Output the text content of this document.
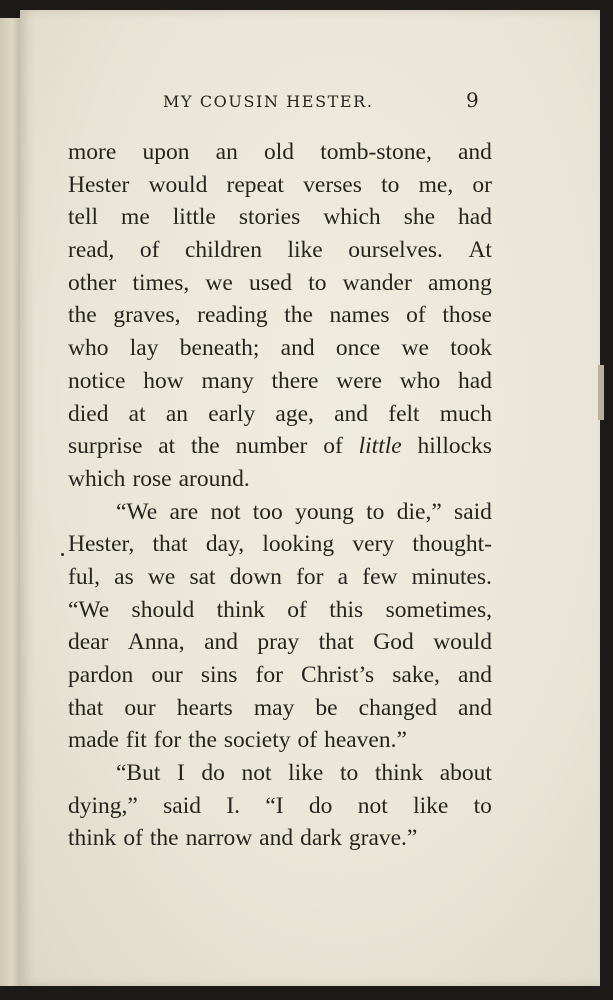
MY COUSIN HESTER.	9
more upon an old tomb-stone, and
Hester would repeat verses to me, or
tell me little stories which she had
read, of children like ourselves. At
other times, we used to wander among
the graves, reading the names of those
who lay beneath; and once we took
notice how many there were who had
died at an early age, and felt much
surprise at the number of little hillocks
which rose around.
“We are not too young to die,” said
Hester, that day, looking very thought-
ful, as we sat down for a few minutes.
“We should think of this sometimes,
dear Anna, and pray that God would
pardon our sins for Christ’s sake, and
that our hearts may be changed and
made fit for the society of heaven.”
“But I do not like to think about
dying,” said I. “I do not like to
think of the narrow and dark grave.”
